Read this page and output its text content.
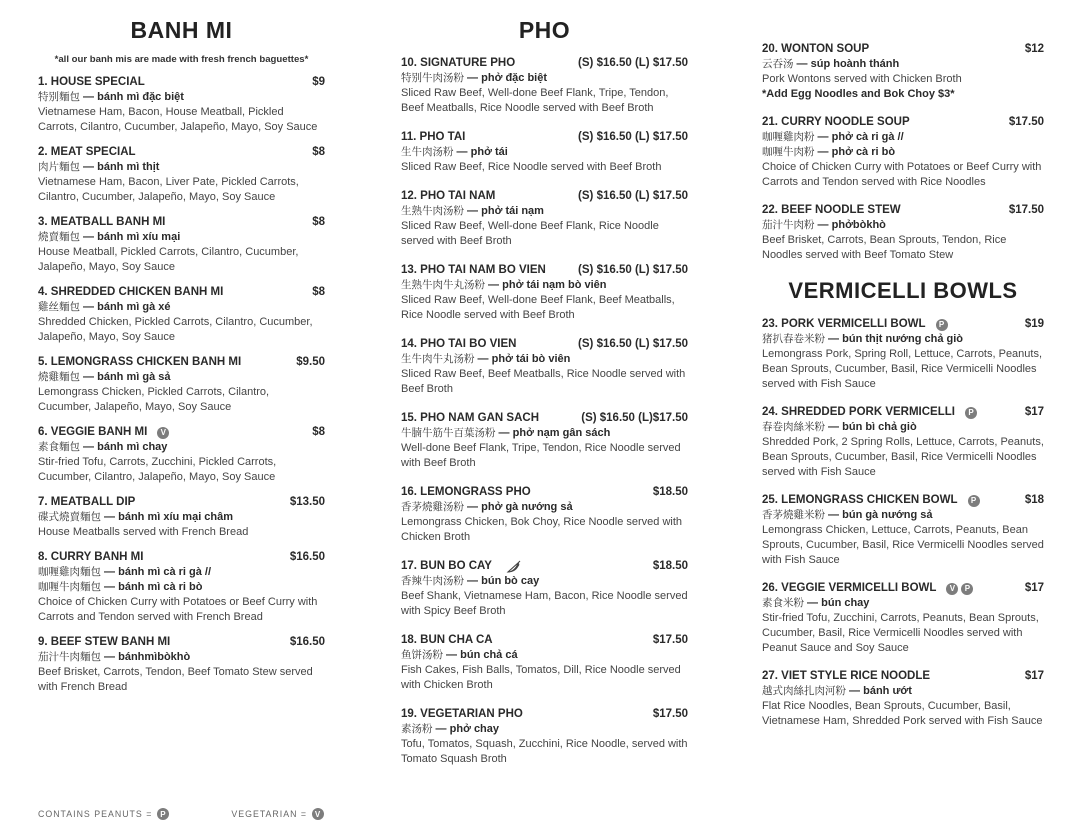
BANH MI
*all our banh mis are made with fresh french baguettes*
1. HOUSE SPECIAL	$9
特别麵包 — bánh mì đặc biệt
Vietnamese Ham, Bacon, House Meatball, Pickled Carrots, Cilantro, Cucumber, Jalapeño, Mayo, Soy Sauce
2. MEAT SPECIAL	$8
肉片麵包 — bánh mì thịt
Vietnamese Ham, Bacon, Liver Pate, Pickled Carrots, Cilantro, Cucumber, Jalapeño, Mayo, Soy Sauce
3. MEATBALL BANH MI	$8
燒賣麵包 — bánh mì xíu mại
House Meatball, Pickled Carrots, Cilantro, Cucumber, Jalapeño, Mayo, Soy Sauce
4. SHREDDED CHICKEN BANH MI	$8
雞丝麵包 — bánh mì gà xé
Shredded Chicken, Pickled Carrots, Cilantro, Cucumber, Jalapeño, Mayo, Soy Sauce
5. LEMONGRASS CHICKEN BANH MI	$9.50
燒雞麵包 — bánh mì gà sả
Lemongrass Chicken, Pickled Carrots, Cilantro, Cucumber, Jalapeño, Mayo, Soy Sauce
6. VEGGIE BANH MI	V	$8
素食麵包 — bánh mì chay
Stir-fried Tofu, Carrots, Zucchini, Pickled Carrots, Cucumber, Cilantro, Jalapeño, Mayo, Soy Sauce
7. MEATBALL DIP	$13.50
碟式燒賣麵包 — bánh mì xíu mại châm
House Meatballs served with French Bread
8. CURRY BANH MI	$16.50
咖喱雞肉麵包 — bánh mì cà ri gà //
咖喱牛肉麵包 — bánh mì cà ri bò
Choice of Chicken Curry with Potatoes or Beef Curry with Carrots and Tendon served with French Bread
9. BEEF STEW BANH MI	$16.50
茄汁牛肉麵包 — bánhmìbòkhò
Beef Brisket, Carrots, Tendon, Beef Tomato Stew served with French Bread
PHO
10. SIGNATURE PHO	(S) $16.50 (L) $17.50
特别牛肉汤粉 — phở đặc biệt
Sliced Raw Beef, Well-done Beef Flank, Tripe, Tendon, Beef Meatballs, Rice Noodle served with Beef Broth
11. PHO TAI	(S) $16.50 (L) $17.50
生牛肉汤粉 — phở tái
Sliced Raw Beef, Rice Noodle served with Beef Broth
12. PHO TAI NAM	(S) $16.50 (L) $17.50
生熟牛肉汤粉 — phở tái nạm
Sliced Raw Beef, Well-done Beef Flank, Rice Noodle served with Beef Broth
13. PHO TAI NAM BO VIEN	(S) $16.50 (L) $17.50
生熟牛肉牛丸汤粉 — phở tái nạm bò viên
Sliced Raw Beef, Well-done Beef Flank, Beef Meatballs, Rice Noodle served with Beef Broth
14. PHO TAI BO VIEN	(S) $16.50 (L) $17.50
生牛肉牛丸汤粉 — phở tái bò viên
Sliced Raw Beef, Beef Meatballs, Rice Noodle served with Beef Broth
15. PHO NAM GAN SACH	(S) $16.50 (L)$17.50
牛腩牛筋牛百葉汤粉 — phở nạm gân sách
Well-done Beef Flank, Tripe, Tendon, Rice Noodle served with Beef Broth
16. LEMONGRASS PHO	$18.50
香茅燒雞汤粉 — phở gà nướng sả
Lemongrass Chicken, Bok Choy, Rice Noodle served with Chicken Broth
17. BUN BO CAY	$18.50
香辣牛肉汤粉 — bún bò cay
Beef Shank, Vietnamese Ham, Bacon, Rice Noodle served with Spicy Beef Broth
18. BUN CHA CA	$17.50
鱼饼汤粉 — bún chả cá
Fish Cakes, Fish Balls, Tomatos, Dill, Rice Noodle served with Chicken Broth
19. VEGETARIAN PHO	$17.50
素汤粉 — phở chay
Tofu, Tomatos, Squash, Zucchini, Rice Noodle, served with Tomato Squash Broth
20. WONTON SOUP	$12
云吞汤 — súp hoành thánh
Pork Wontons served with Chicken Broth
*Add Egg Noodles and Bok Choy $3*
21. CURRY NOODLE SOUP	$17.50
咖喱雞肉粉 — phở cà ri gà //
咖喱牛肉粉 — phở cà ri bò
Choice of Chicken Curry with Potatoes or Beef Curry with Carrots and Tendon served with Rice Noodles
22. BEEF NOODLE STEW	$17.50
茄汁牛肉粉 — phởbòkhò
Beef Brisket, Carrots, Bean Sprouts, Tendon, Rice Noodles served with Beef Tomato Stew
VERMICELLI BOWLS
23. PORK VERMICELLI BOWL	P	$19
猪扒春卷米粉 — bún thịt nướng chả giò
Lemongrass Pork, Spring Roll, Lettuce, Carrots, Peanuts, Bean Sprouts, Cucumber, Basil, Rice Vermicelli Noodles served with Fish Sauce
24. SHREDDED PORK VERMICELLI	P	$17
春卷肉絲米粉 — bún bì chả giò
Shredded Pork, 2 Spring Rolls, Lettuce, Carrots, Peanuts, Bean Sprouts, Cucumber, Basil, Rice Vermicelli Noodles served with Fish Sauce
25. LEMONGRASS CHICKEN BOWL	P	$18
香茅燒雞米粉 — bún gà nướng sả
Lemongrass Chicken, Lettuce, Carrots, Peanuts, Bean Sprouts, Cucumber, Basil, Rice Vermicelli Noodles served with Fish Sauce
26. VEGGIE VERMICELLI BOWL	V	P	$17
素食米粉 — bún chay
Stir-fried Tofu, Zucchini, Carrots, Peanuts, Bean Sprouts, Cucumber, Basil, Rice Vermicelli Noodles served with Peanut Sauce and Soy Sauce
27. VIET STYLE RICE NOODLE	$17
越式肉絲扎肉河粉 — bánh ướt
Flat Rice Noodles, Bean Sprouts, Cucumber, Basil, Vietnamese Ham, Shredded Pork served with Fish Sauce
CONTAINS PEANUTS = P	VEGETARIAN = V
